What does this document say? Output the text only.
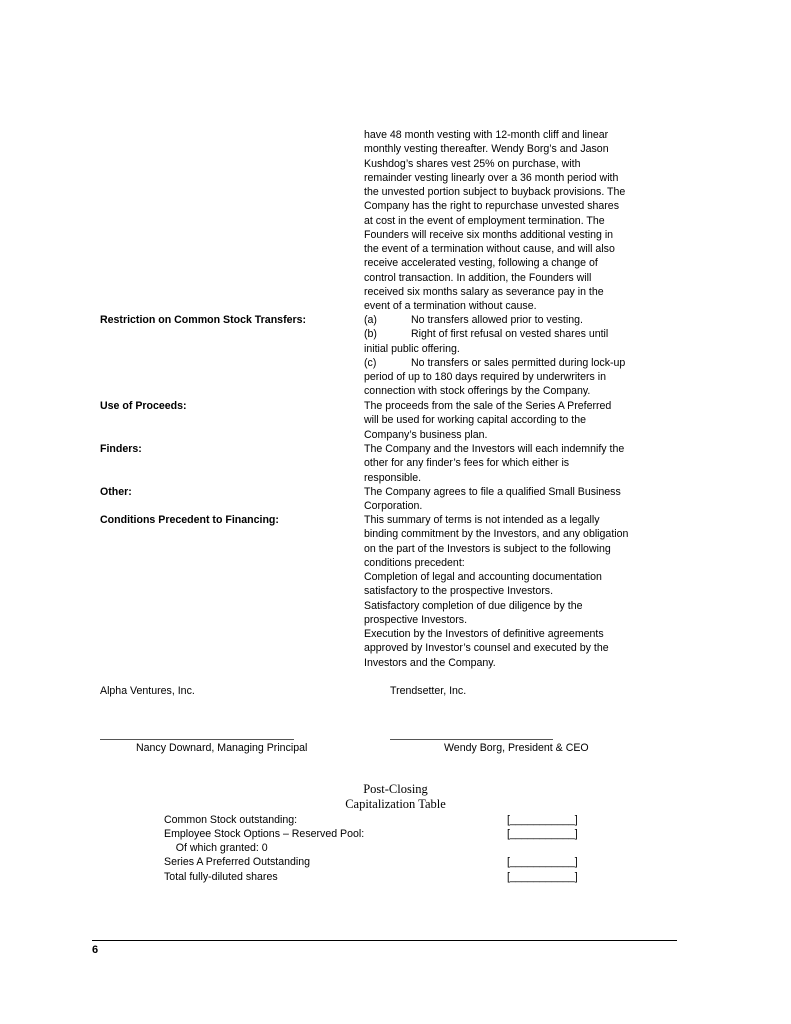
have 48 month vesting with 12-month cliff and linear
monthly vesting thereafter. Wendy Borg’s and Jason
Kushdog’s shares vest 25% on purchase, with
remainder vesting linearly over a 36 month period with
the unvested portion subject to buyback provisions. The
Company has the right to repurchase unvested shares
at cost in the event of employment termination. The
Founders will receive six months additional vesting in
the event of a termination without cause, and will also
receive accelerated vesting, following a change of
control transaction. In addition, the Founders will
received six months salary as severance pay in the
event of a termination without cause.
Restriction on Common Stock Transfers:	(a)	No transfers allowed prior to vesting.
(b)	Right of first refusal on vested shares until
initial public offering.
(c)	No transfers or sales permitted during lock-up
period of up to 180 days required by underwriters in
connection with stock offerings by the Company.
Use of Proceeds:	The proceeds from the sale of the Series A Preferred
will be used for working capital according to the
Company’s business plan.
Finders:	The Company and the Investors will each indemnify the
other for any finder’s fees for which either is
responsible.
Other:	The Company agrees to file a qualified Small Business
Corporation.
Conditions Precedent to Financing:	This summary of terms is not intended as a legally
binding commitment by the Investors, and any obligation
on the part of the Investors is subject to the following
conditions precedent:
Completion of legal and accounting documentation
satisfactory to the prospective Investors.
Satisfactory completion of due diligence by the
prospective Investors.
Execution by the Investors of definitive agreements
approved by Investor’s counsel and executed by the
Investors and the Company.
Alpha Ventures, Inc.	Trendsetter, Inc.
Nancy Downard, Managing Principal	Wendy Borg, President & CEO
Post-Closing
Capitalization Table
Common Stock outstanding:	[___________]
Employee Stock Options – Reserved Pool:	[___________]
Of which granted: 0
Series A Preferred Outstanding	[___________]
Total fully-diluted shares	[___________]
6
